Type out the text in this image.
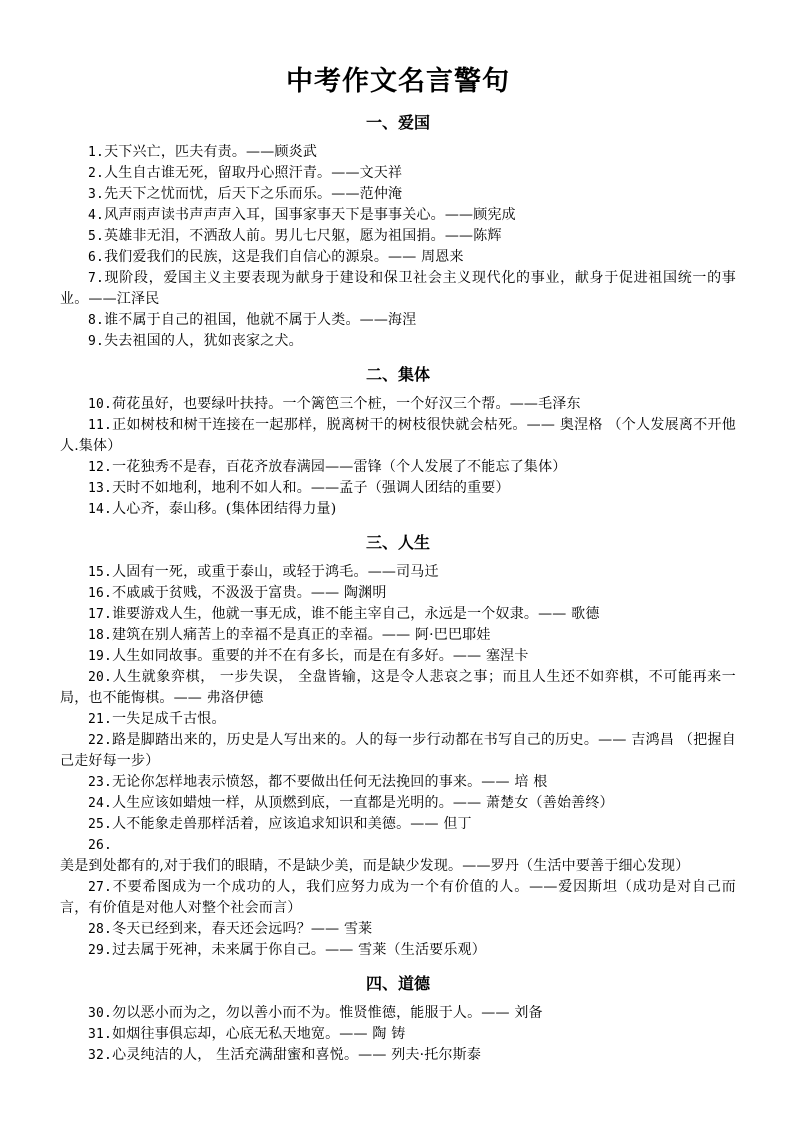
中考作文名言警句
一、爱国
1.天下兴亡，匹夫有责。——顾炎武
2.人生自古谁无死，留取丹心照汗青。——文天祥
3.先天下之忧而忧，后天下之乐而乐。——范仲淹
4.风声雨声读书声声声入耳，国事家事天下是事事关心。——顾宪成
5.英雄非无泪，不洒敌人前。男儿七尺躯，愿为祖国捐。——陈辉
6.我们爱我们的民族，这是我们自信心的源泉。—— 周恩来
7.现阶段，爱国主义主要表现为献身于建设和保卫社会主义现代化的事业，献身于促进祖国统一的事业。——江泽民
8.谁不属于自己的祖国，他就不属于人类。——海涅
9.失去祖国的人，犹如丧家之犬。
二、集体
10.荷花虽好，也要绿叶扶持。一个篱笆三个桩，一个好汉三个帮。——毛泽东
11.正如树枝和树干连接在一起那样，脱离树干的树枝很快就会枯死。—— 奥涅格 （个人发展离不开他人.集体）
12.一花独秀不是春，百花齐放春满园——雷锋（个人发展了不能忘了集体）
13.天时不如地利，地利不如人和。——孟子（强调人团结的重要）
14.人心齐，泰山移。(集体团结得力量)
三、人生
15.人固有一死，或重于泰山，或轻于鸿毛。——司马迁
16.不戚戚于贫贱，不汲汲于富贵。—— 陶渊明
17.谁要游戏人生，他就一事无成，谁不能主宰自己，永远是一个奴隶。—— 歌德
18.建筑在别人痛苦上的幸福不是真正的幸福。—— 阿·巴巴耶娃
19.人生如同故事。重要的并不在有多长，而是在有多好。—— 塞涅卡
20.人生就象弈棋， 一步失误， 全盘皆输，这是令人悲哀之事；而且人生还不如弈棋，不可能再来一局，也不能悔棋。—— 弗洛伊德
21.一失足成千古恨。
22.路是脚踏出来的，历史是人写出来的。人的每一步行动都在书写自己的历史。—— 吉鸿昌 （把握自己走好每一步）
23.无论你怎样地表示愤怒，都不要做出任何无法挽回的事来。—— 培 根
24.人生应该如蜡烛一样，从顶燃到底，一直都是光明的。—— 萧楚女（善始善终）
25.人不能象走兽那样活着，应该追求知识和美德。—— 但丁
26.美是到处都有的,对于我们的眼睛，不是缺少美，而是缺少发现。——罗丹（生活中要善于细心发现）
27.不要希图成为一个成功的人，我们应努力成为一个有价值的人。——爱因斯坦（成功是对自己而言，有价值是对他人对整个社会而言）
28.冬天已经到来，春天还会远吗？—— 雪莱
29.过去属于死神，未来属于你自己。—— 雪莱（生活要乐观）
四、道德
30.勿以恶小而为之，勿以善小而不为。惟贤惟德，能服于人。—— 刘备
31.如烟往事俱忘却，心底无私天地宽。—— 陶 铸
32.心灵纯洁的人， 生活充满甜蜜和喜悦。—— 列夫·托尔斯泰
